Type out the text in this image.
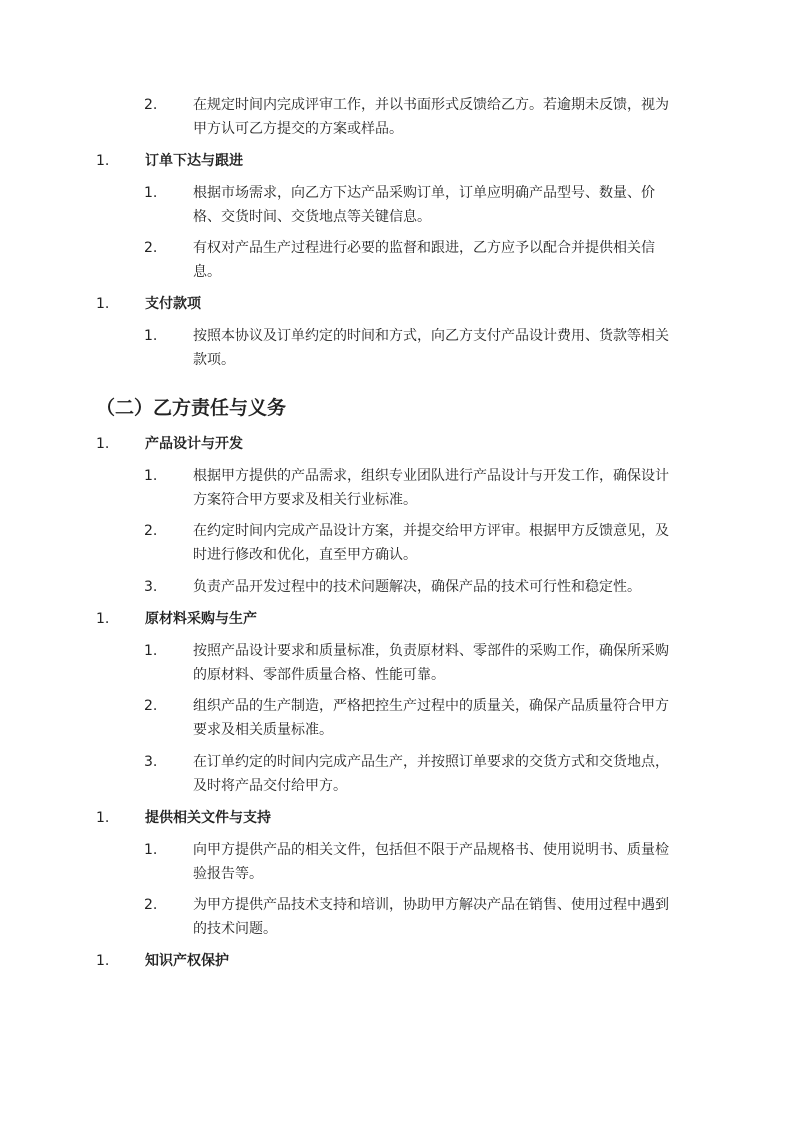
2.	在规定时间内完成评审工作，并以书面形式反馈给乙方。若逾期未反馈，视为
甲方认可乙方提交的方案或样品。
1.	订单下达与跟进
1.	根据市场需求，向乙方下达产品采购订单，订单应明确产品型号、数量、价
格、交货时间、交货地点等关键信息。
2.	有权对产品生产过程进行必要的监督和跟进，乙方应予以配合并提供相关信
息。
1.	支付款项
1.	按照本协议及订单约定的时间和方式，向乙方支付产品设计费用、货款等相关
款项。
（二）乙方责任与义务
1.	产品设计与开发
1.	根据甲方提供的产品需求，组织专业团队进行产品设计与开发工作，确保设计
方案符合甲方要求及相关行业标准。
2.	在约定时间内完成产品设计方案，并提交给甲方评审。根据甲方反馈意见，及
时进行修改和优化，直至甲方确认。
3.	负责产品开发过程中的技术问题解决，确保产品的技术可行性和稳定性。
1.	原材料采购与生产
1.	按照产品设计要求和质量标准，负责原材料、零部件的采购工作，确保所采购
的原材料、零部件质量合格、性能可靠。
2.	组织产品的生产制造，严格把控生产过程中的质量关，确保产品质量符合甲方
要求及相关质量标准。
3.	在订单约定的时间内完成产品生产，并按照订单要求的交货方式和交货地点，
及时将产品交付给甲方。
1.	提供相关文件与支持
1.	向甲方提供产品的相关文件，包括但不限于产品规格书、使用说明书、质量检
验报告等。
2.	为甲方提供产品技术支持和培训，协助甲方解决产品在销售、使用过程中遇到
的技术问题。
1.	知识产权保护
